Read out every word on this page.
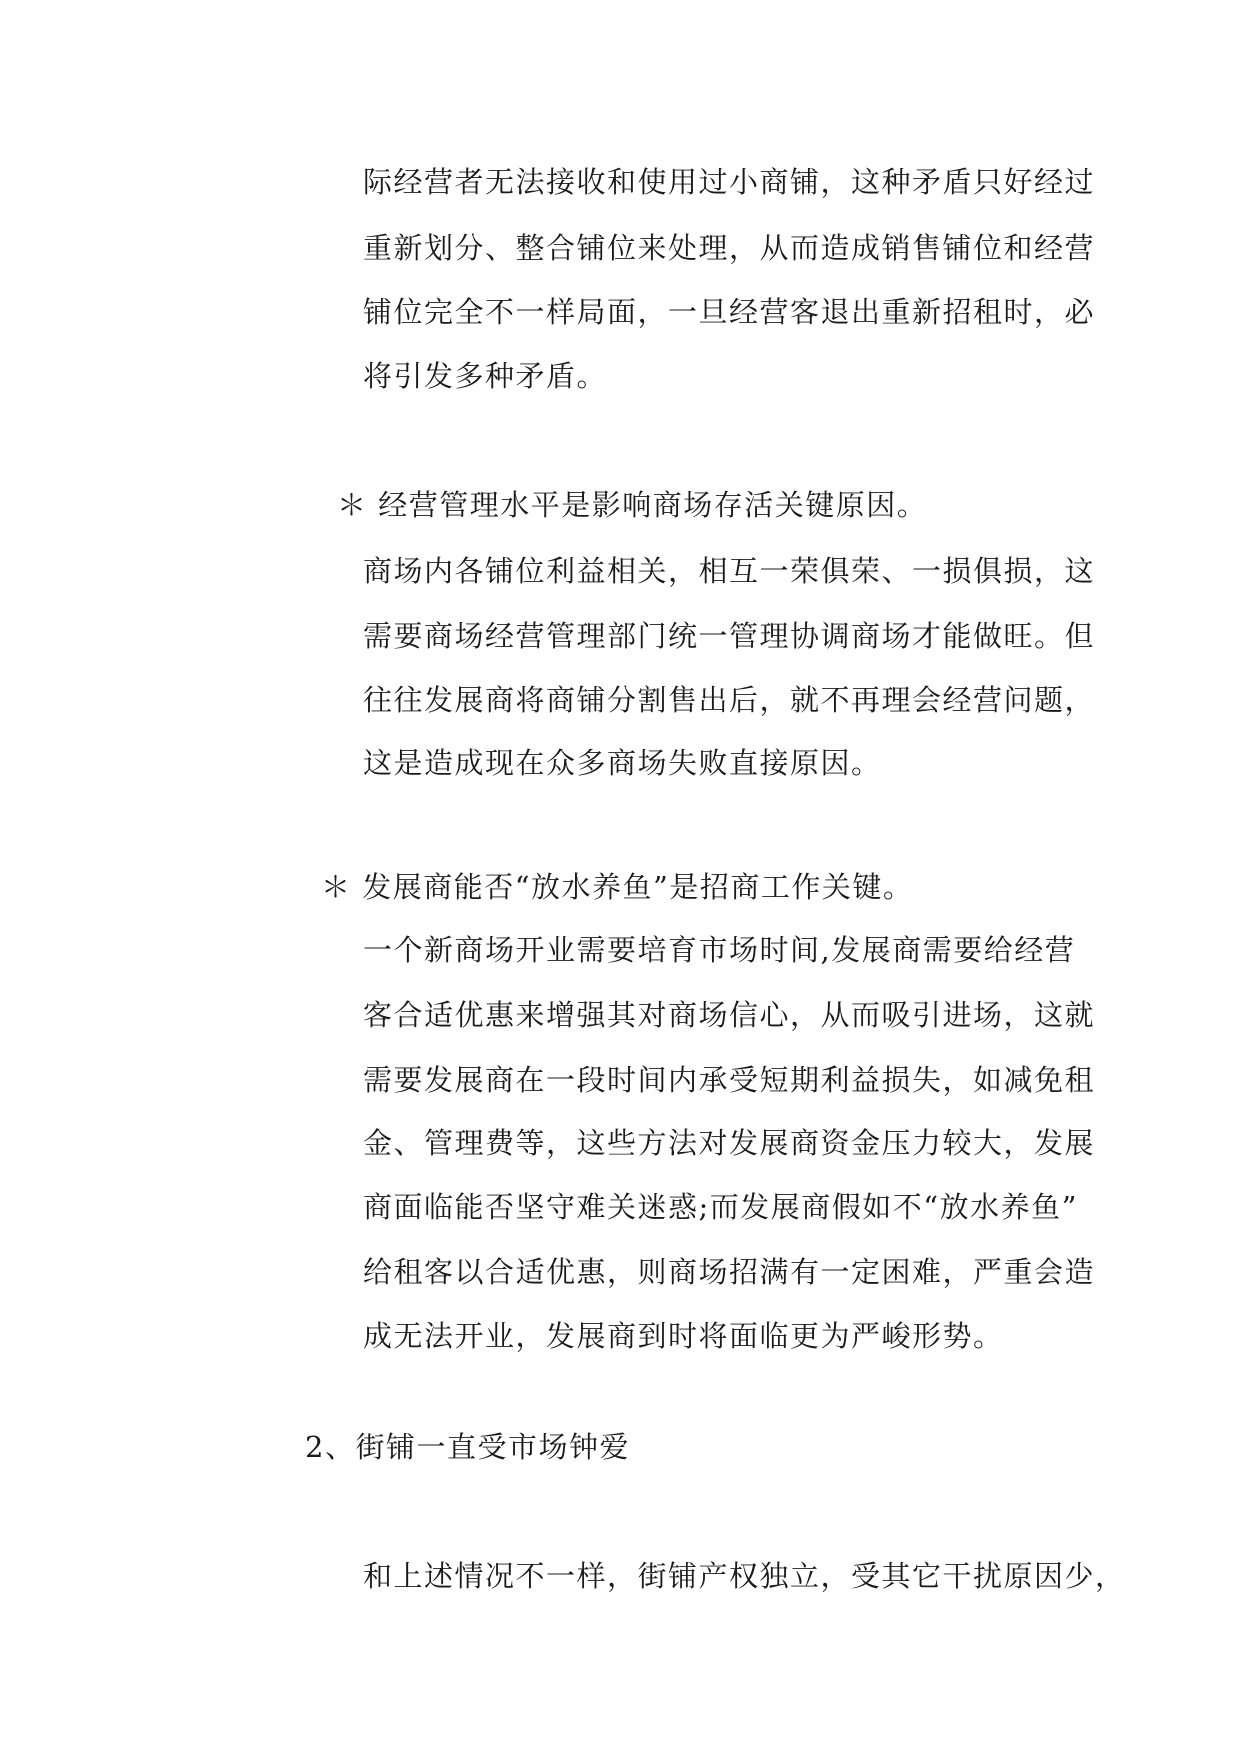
际经营者无法接收和使用过小商铺，这种矛盾只好经过
重新划分、整合铺位来处理，从而造成销售铺位和经营
铺位完全不一样局面，一旦经营客退出重新招租时，必
将引发多种矛盾。
＊ 经营管理水平是影响商场存活关键原因。
商场内各铺位利益相关，相互一荣俱荣、一损俱损，这
需要商场经营管理部门统一管理协调商场才能做旺。但
往往发展商将商铺分割售出后，就不再理会经营问题，
这是造成现在众多商场失败直接原因。
＊ 发展商能否“放水养鱼”是招商工作关键。
一个新商场开业需要培育市场时间,发展商需要给经营
客合适优惠来增强其对商场信心，从而吸引进场，这就
需要发展商在一段时间内承受短期利益损失，如减免租
金、管理费等，这些方法对发展商资金压力较大，发展
商面临能否坚守难关迷惑;而发展商假如不“放水养鱼”
给租客以合适优惠，则商场招满有一定困难，严重会造
成无法开业，发展商到时将面临更为严峻形势。
2、街铺一直受市场钟爱
和上述情况不一样，街铺产权独立，受其它干扰原因少，
